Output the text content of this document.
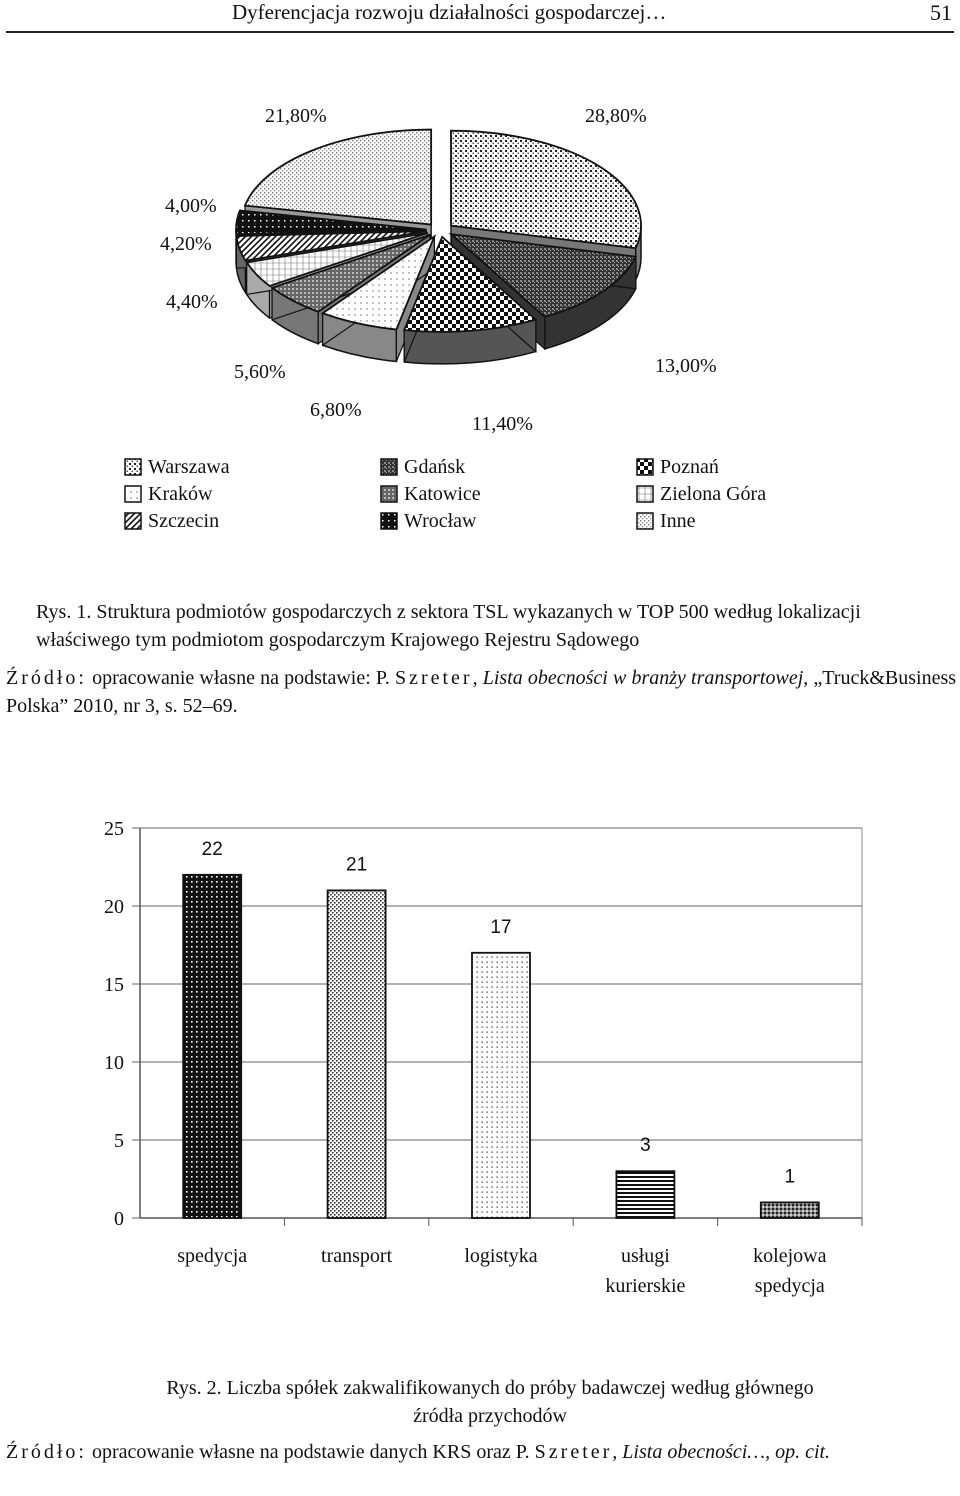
Dyferencjacja rozwoju działalności gospodarczej…	51
21,80%	28,80%
4,00%
4,20%
4,40%
5,60%
6,80%
11,40%
13,00%
Warszawa	Gdańsk	Poznań
Kraków	Katowice	Zielona Góra
Szczecin	Wrocław	Inne
Rys. 1. Struktura podmiotów gospodarczych z sektora TSL wykazanych w TOP 500 według lokalizacji właściwego tym podmiotom gospodarczym Krajowego Rejestru Sądowego
Źródło: opracowanie własne na podstawie: P. Szreter, Lista obecności w branży transportowej, „Truck&Business Polska” 2010, nr 3, s. 52–69.
0
5
10
15
20
25
22
spedycja
21
transport
17
logistyka
3
usługi
kurierskie
1
kolejowa
spedycja
Rys. 2. Liczba spółek zakwalifikowanych do próby badawczej według głównego
źródła przychodów
Źródło: opracowanie własne na podstawie danych KRS oraz P. Szreter, Lista obecności…, op. cit.
